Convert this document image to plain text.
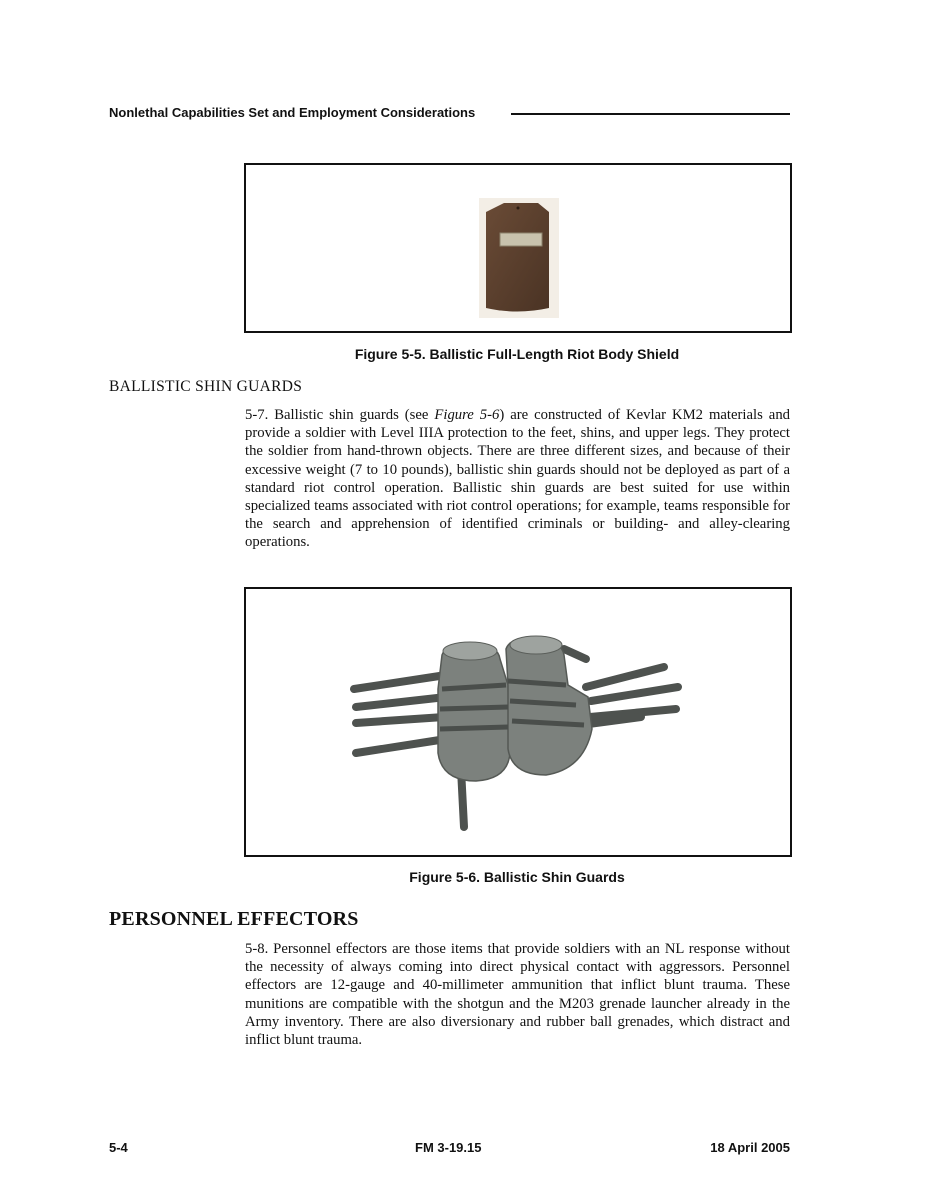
Nonlethal Capabilities Set and Employment Considerations
Figure 5-5. Ballistic Full-Length Riot Body Shield
BALLISTIC SHIN GUARDS

5-7. Ballistic shin guards (see Figure 5-6) are constructed of Kevlar KM2 materials and provide a soldier with Level IIIA protection to the feet, shins, and upper legs. They protect the soldier from hand-thrown objects. There are three different sizes, and because of their excessive weight (7 to 10 pounds), ballistic shin guards should not be deployed as part of a standard riot control operation. Ballistic shin guards are best suited for use within specialized teams associated with riot control operations; for example, teams responsible for the search and apprehension of identified criminals or building- and alley-clearing operations.

Figure 5-6. Ballistic Shin Guards
PERSONNEL EFFECTORS

5-8. Personnel effectors are those items that provide soldiers with an NL response without the necessity of always coming into direct physical contact with aggressors. Personnel effectors are 12-gauge and 40-millimeter ammunition that inflict blunt trauma. These munitions are compatible with the shotgun and the M203 grenade launcher already in the Army inventory. There are also diversionary and rubber ball grenades, which distract and inflict blunt trauma.

5-4	FM 3-19.15	18 April 2005
